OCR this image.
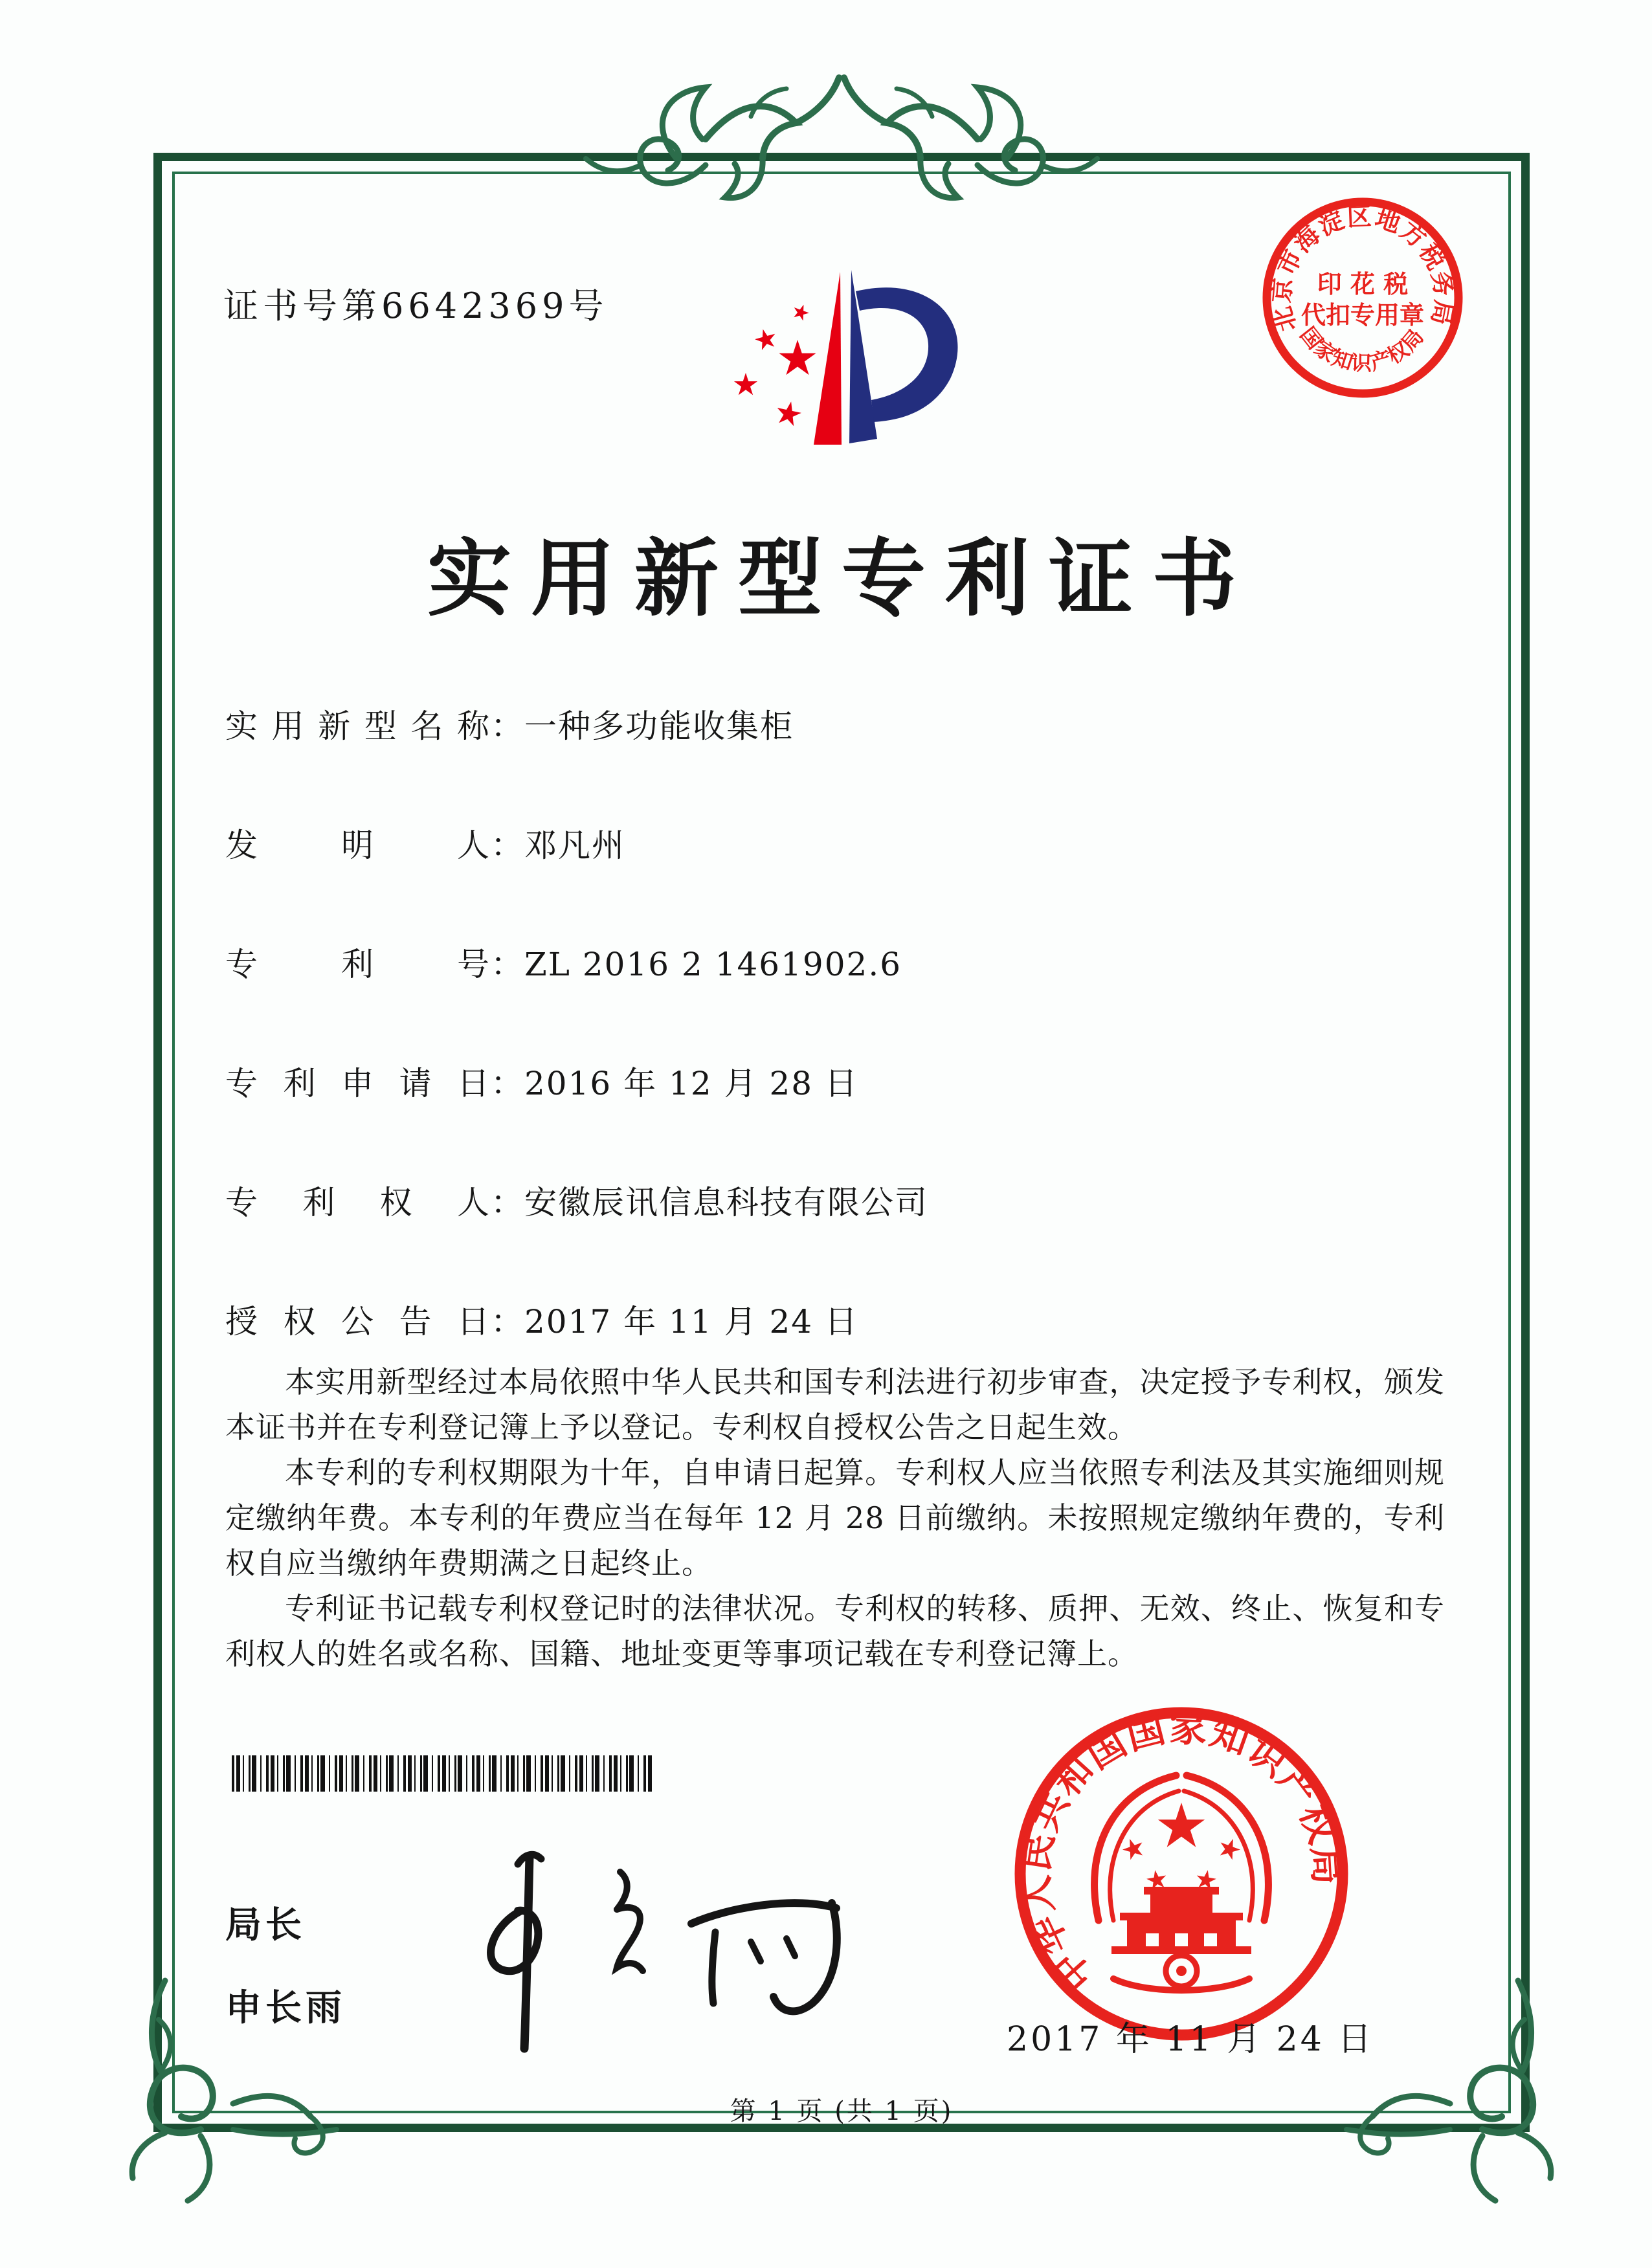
证书号第6642369号	北京市海淀区地方税务局
国家知识产权局
印 花 税
代扣专用章
实用新型专利证书
实用新型名称：一种多功能收集柜
发明人：邓凡州
专利号：ZL 2016 2 1461902.6
专利申请日：2016 年 12 月 28 日
专利权人：安徽辰讯信息科技有限公司
授权公告日：2017 年 11 月 24 日

本实用新型经过本局依照中华人民共和国专利法进行初步审查，决定授予专利权，颁发本证书并在专利登记簿上予以登记。专利权自授权公告之日起生效。

本专利的专利权期限为十年，自申请日起算。专利权人应当依照专利法及其实施细则规定缴纳年费。本专利的年费应当在每年 12 月 28 日前缴纳。未按照规定缴纳年费的，专利权自应当缴纳年费期满之日起终止。

专利证书记载专利权登记时的法律状况。专利权的转移、质押、无效、终止、恢复和专利权人的姓名或名称、国籍、地址变更等事项记载在专利登记簿上。

局长
申长雨
中华人民共和国国家知识产权局
2017 年 11 月 24 日
第 1 页 (共 1 页)
